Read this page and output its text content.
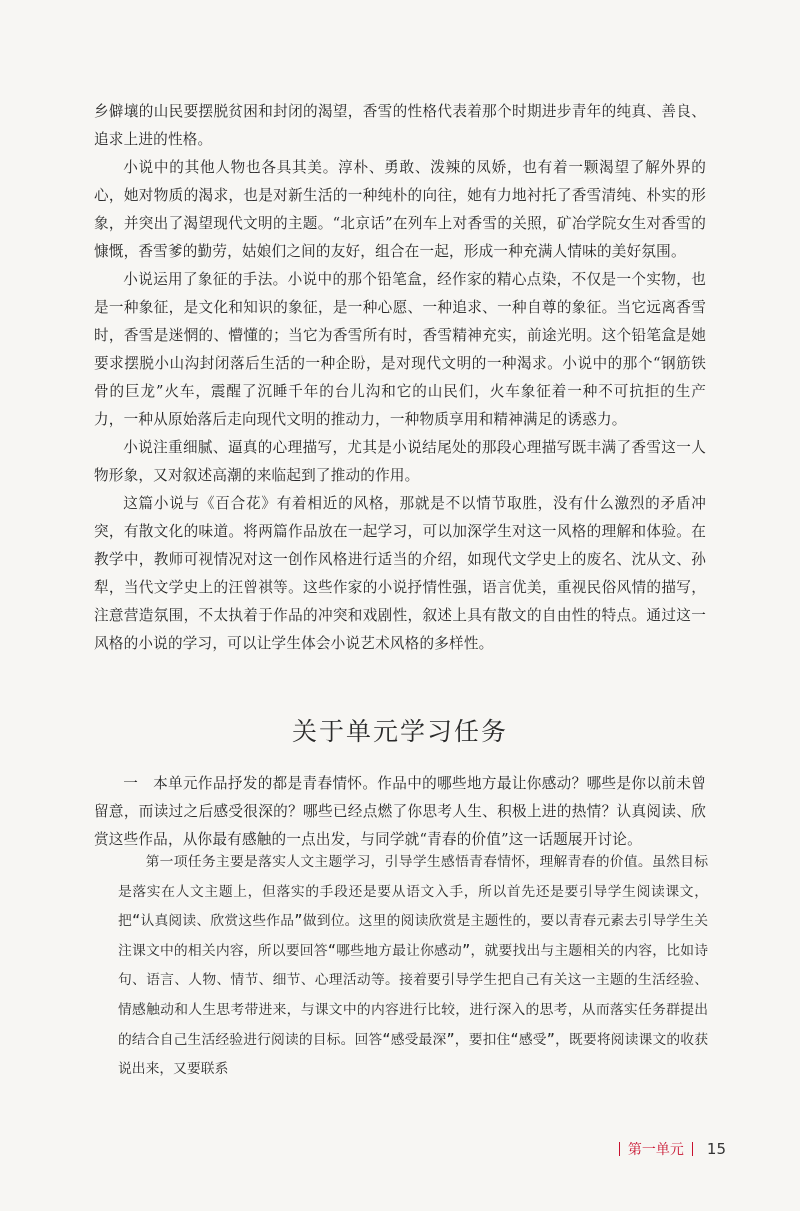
乡僻壤的山民要摆脱贫困和封闭的渴望，香雪的性格代表着那个时期进步青年的纯真、善良、追求上进的性格。

小说中的其他人物也各具其美。淳朴、勇敢、泼辣的凤娇，也有着一颗渴望了解外界的心，她对物质的渴求，也是对新生活的一种纯朴的向往，她有力地衬托了香雪清纯、朴实的形象，并突出了渴望现代文明的主题。“北京话”在列车上对香雪的关照，矿冶学院女生对香雪的慷慨，香雪爹的勤劳，姑娘们之间的友好，组合在一起，形成一种充满人情味的美好氛围。

小说运用了象征的手法。小说中的那个铅笔盒，经作家的精心点染，不仅是一个实物，也是一种象征，是文化和知识的象征，是一种心愿、一种追求、一种自尊的象征。当它远离香雪时，香雪是迷惘的、懵懂的；当它为香雪所有时，香雪精神充实，前途光明。这个铅笔盒是她要求摆脱小山沟封闭落后生活的一种企盼，是对现代文明的一种渴求。小说中的那个“钢筋铁骨的巨龙”火车，震醒了沉睡千年的台儿沟和它的山民们，火车象征着一种不可抗拒的生产力，一种从原始落后走向现代文明的推动力，一种物质享用和精神满足的诱惑力。

小说注重细腻、逼真的心理描写，尤其是小说结尾处的那段心理描写既丰满了香雪这一人物形象，又对叙述高潮的来临起到了推动的作用。

这篇小说与《百合花》有着相近的风格，那就是不以情节取胜，没有什么激烈的矛盾冲突，有散文化的味道。将两篇作品放在一起学习，可以加深学生对这一风格的理解和体验。在教学中，教师可视情况对这一创作风格进行适当的介绍，如现代文学史上的废名、沈从文、孙犁，当代文学史上的汪曾祺等。这些作家的小说抒情性强，语言优美，重视民俗风情的描写，注意营造氛围，不太执着于作品的冲突和戏剧性，叙述上具有散文的自由性的特点。通过这一风格的小说的学习，可以让学生体会小说艺术风格的多样性。

关于单元学习任务

一　本单元作品抒发的都是青春情怀。作品中的哪些地方最让你感动？哪些是你以前未曾留意，而读过之后感受很深的？哪些已经点燃了你思考人生、积极上进的热情？认真阅读、欣赏这些作品，从你最有感触的一点出发，与同学就“青春的价值”这一话题展开讨论。

第一项任务主要是落实人文主题学习，引导学生感悟青春情怀，理解青春的价值。虽然目标是落实在人文主题上，但落实的手段还是要从语文入手，所以首先还是要引导学生阅读课文，把“认真阅读、欣赏这些作品”做到位。这里的阅读欣赏是主题性的，要以青春元素去引导学生关注课文中的相关内容，所以要回答“哪些地方最让你感动”，就要找出与主题相关的内容，比如诗句、语言、人物、情节、细节、心理活动等。接着要引导学生把自己有关这一主题的生活经验、情感触动和人生思考带进来，与课文中的内容进行比较，进行深入的思考，从而落实任务群提出的结合自己生活经验进行阅读的目标。回答“感受最深”，要扣住“感受”，既要将阅读课文的收获说出来，又要联系

第一单元 15
